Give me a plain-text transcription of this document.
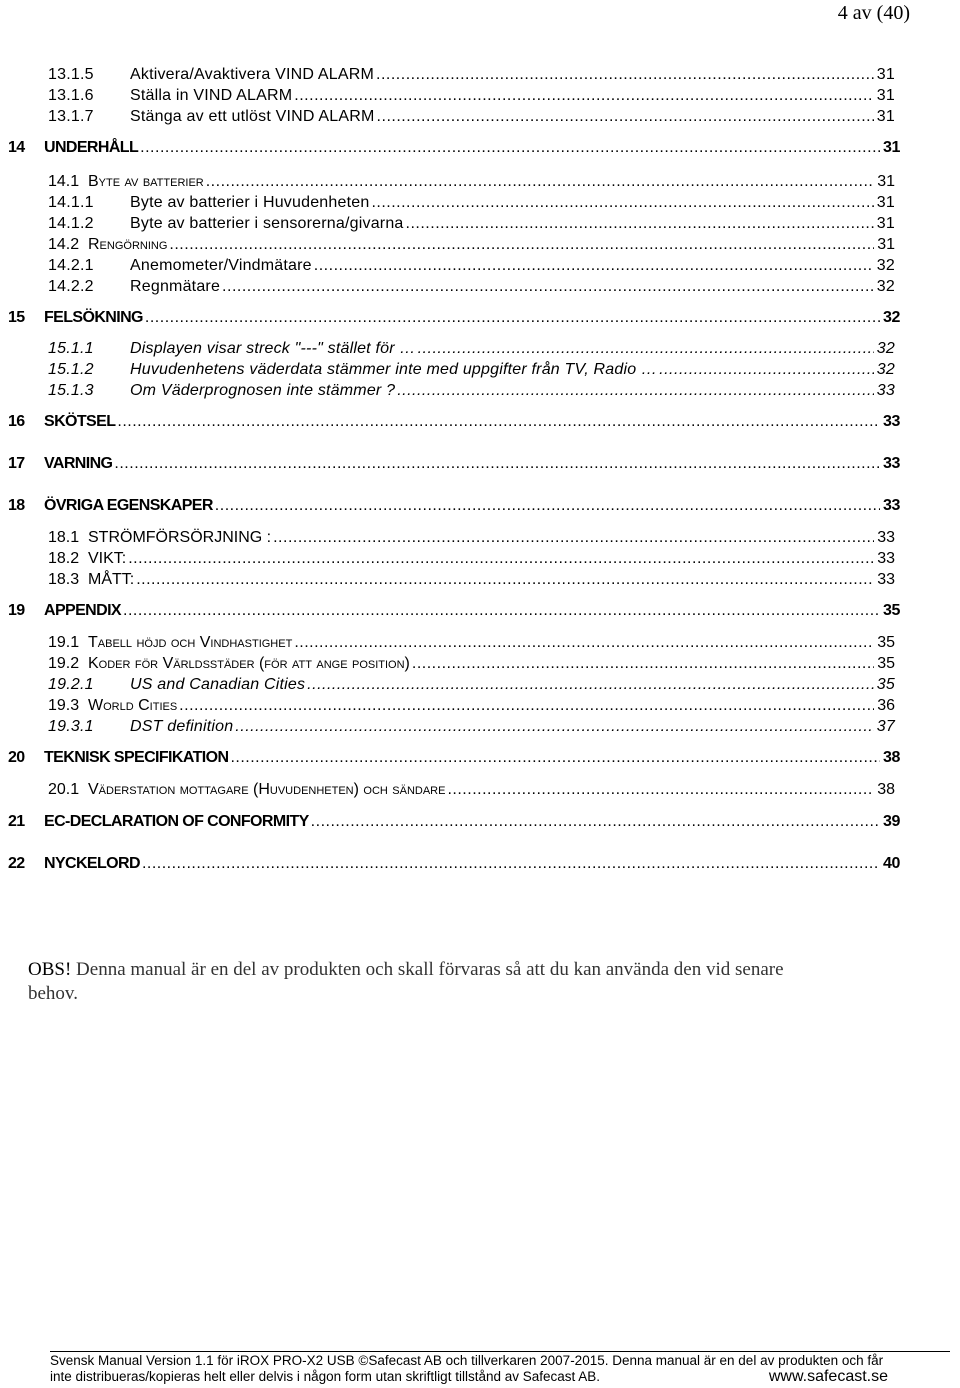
4 av (40)
13.1.5 Aktivera/Avaktivera VIND ALARM .....	31
13.1.6 Ställa in VIND ALARM .....	31
13.1.7 Stänga av ett utlöst VIND ALARM .....	31
14 UNDERHÅLL .....	31
14.1 Byte av batterier .....	31
14.1.1 Byte av batterier i Huvudenheten .....	31
14.1.2 Byte av batterier i sensorerna/givarna .....	31
14.2 Rengörning .....	31
14.2.1 Anemometer/Vindmätare .....	32
14.2.2 Regnmätare .....	32
15 FELSÖKNING .....	32
15.1.1 Displayen visar streck "---" stället för … .....	32
15.1.2 Huvudenhetens väderdata stämmer inte med uppgifter från TV, Radio … .....	32
15.1.3 Om Väderprognosen inte stämmer ? .....	33
16 SKÖTSEL .....	33
17 VARNING .....	33
18 ÖVRIGA EGENSKAPER .....	33
18.1 STRÖMFÖRSÖRJNING : .....	33
18.2 VIKT: .....	33
18.3 MÅTT: .....	33
19 APPENDIX .....	35
19.1 Tabell höjd och Vindhastighet .....	35
19.2 Koder för Världsstäder (för att ange position) .....	35
19.2.1 US and Canadian Cities .....	35
19.3 World Cities .....	36
19.3.1 DST definition .....	37
20 TEKNISK SPECIFIKATION .....	38
20.1 Väderstation mottagare (Huvudenheten) och sändare .....	38
21 EC-DECLARATION OF CONFORMITY .....	39
22 NYCKELORD .....	40
OBS! Denna manual är en del av produkten och skall förvaras så att du kan använda den vid senare behov.
Svensk Manual Version 1.1 för iROX PRO-X2 USB ©Safecast AB och tillverkaren 2007-2015. Denna manual är en del av produkten och får
inte distribueras/kopieras helt eller delvis i någon form utan skriftligt tillstånd av Safecast AB.	www.safecast.se
